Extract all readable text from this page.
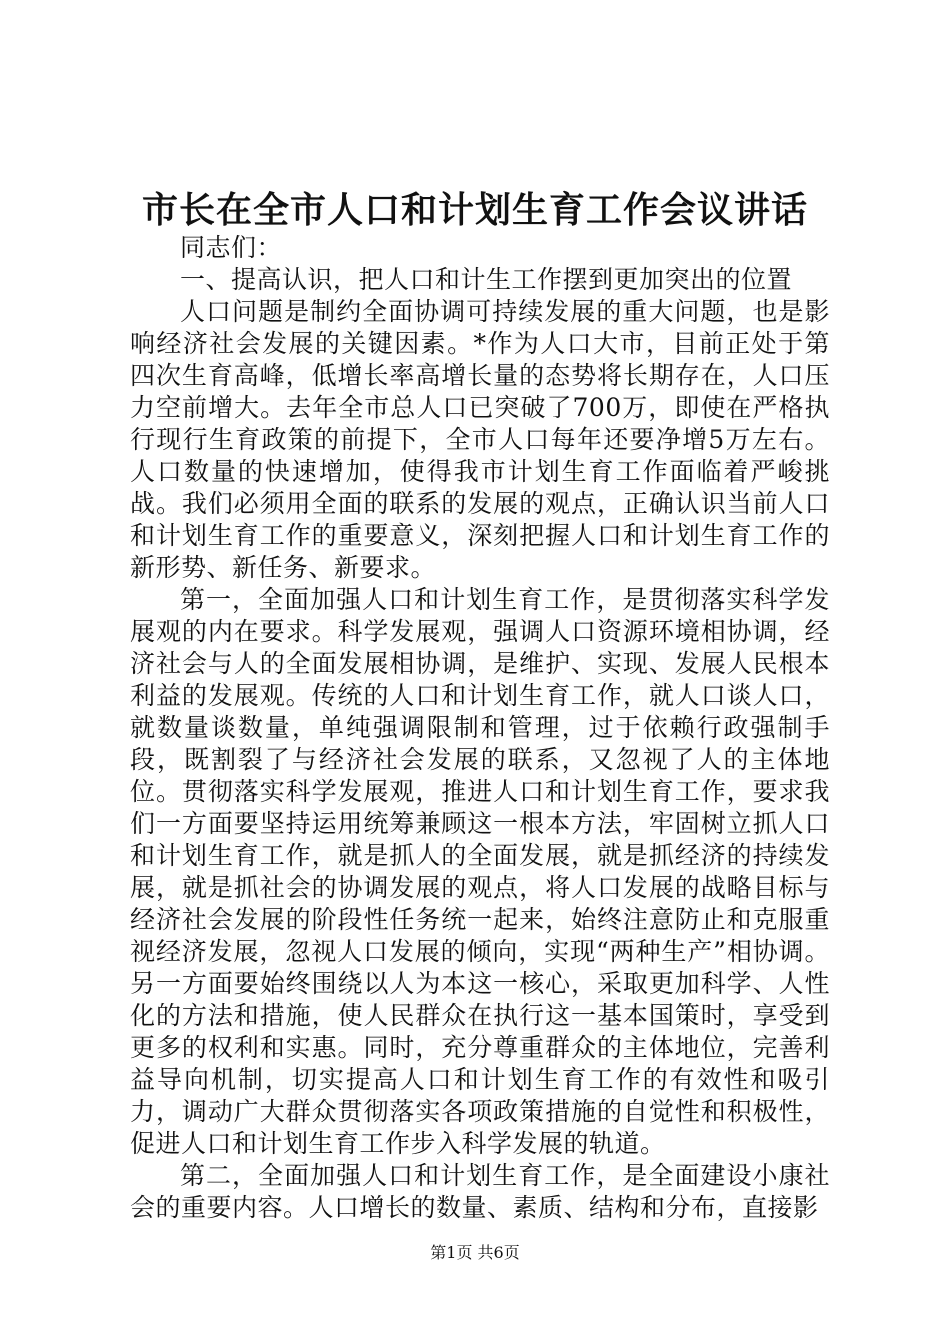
市长在全市人口和计划生育工作会议讲话

同志们：

一、提高认识，把人口和计生工作摆到更加突出的位置

人口问题是制约全面协调可持续发展的重大问题，也是影响经济社会发展的关键因素。*作为人口大市，目前正处于第四次生育高峰，低增长率高增长量的态势将长期存在，人口压力空前增大。去年全市总人口已突破了700万，即使在严格执行现行生育政策的前提下，全市人口每年还要净增5万左右。人口数量的快速增加，使得我市计划生育工作面临着严峻挑战。我们必须用全面的联系的发展的观点，正确认识当前人口和计划生育工作的重要意义，深刻把握人口和计划生育工作的新形势、新任务、新要求。

第一，全面加强人口和计划生育工作，是贯彻落实科学发展观的内在要求。科学发展观，强调人口资源环境相协调，经济社会与人的全面发展相协调，是维护、实现、发展人民根本利益的发展观。传统的人口和计划生育工作，就人口谈人口，就数量谈数量，单纯强调限制和管理，过于依赖行政强制手段，既割裂了与经济社会发展的联系，又忽视了人的主体地位。贯彻落实科学发展观，推进人口和计划生育工作，要求我们一方面要坚持运用统筹兼顾这一根本方法，牢固树立抓人口和计划生育工作，就是抓人的全面发展，就是抓经济的持续发展，就是抓社会的协调发展的观点，将人口发展的战略目标与经济社会发展的阶段性任务统一起来，始终注意防止和克服重视经济发展，忽视人口发展的倾向，实现“两种生产”相协调。另一方面要始终围绕以人为本这一核心，采取更加科学、人性化的方法和措施，使人民群众在执行这一基本国策时，享受到更多的权利和实惠。同时，充分尊重群众的主体地位，完善利益导向机制，切实提高人口和计划生育工作的有效性和吸引力，调动广大群众贯彻落实各项政策措施的自觉性和积极性，促进人口和计划生育工作步入科学发展的轨道。

第二，全面加强人口和计划生育工作，是全面建设小康社会的重要内容。人口增长的数量、素质、结构和分布，直接影

第1页 共6页
